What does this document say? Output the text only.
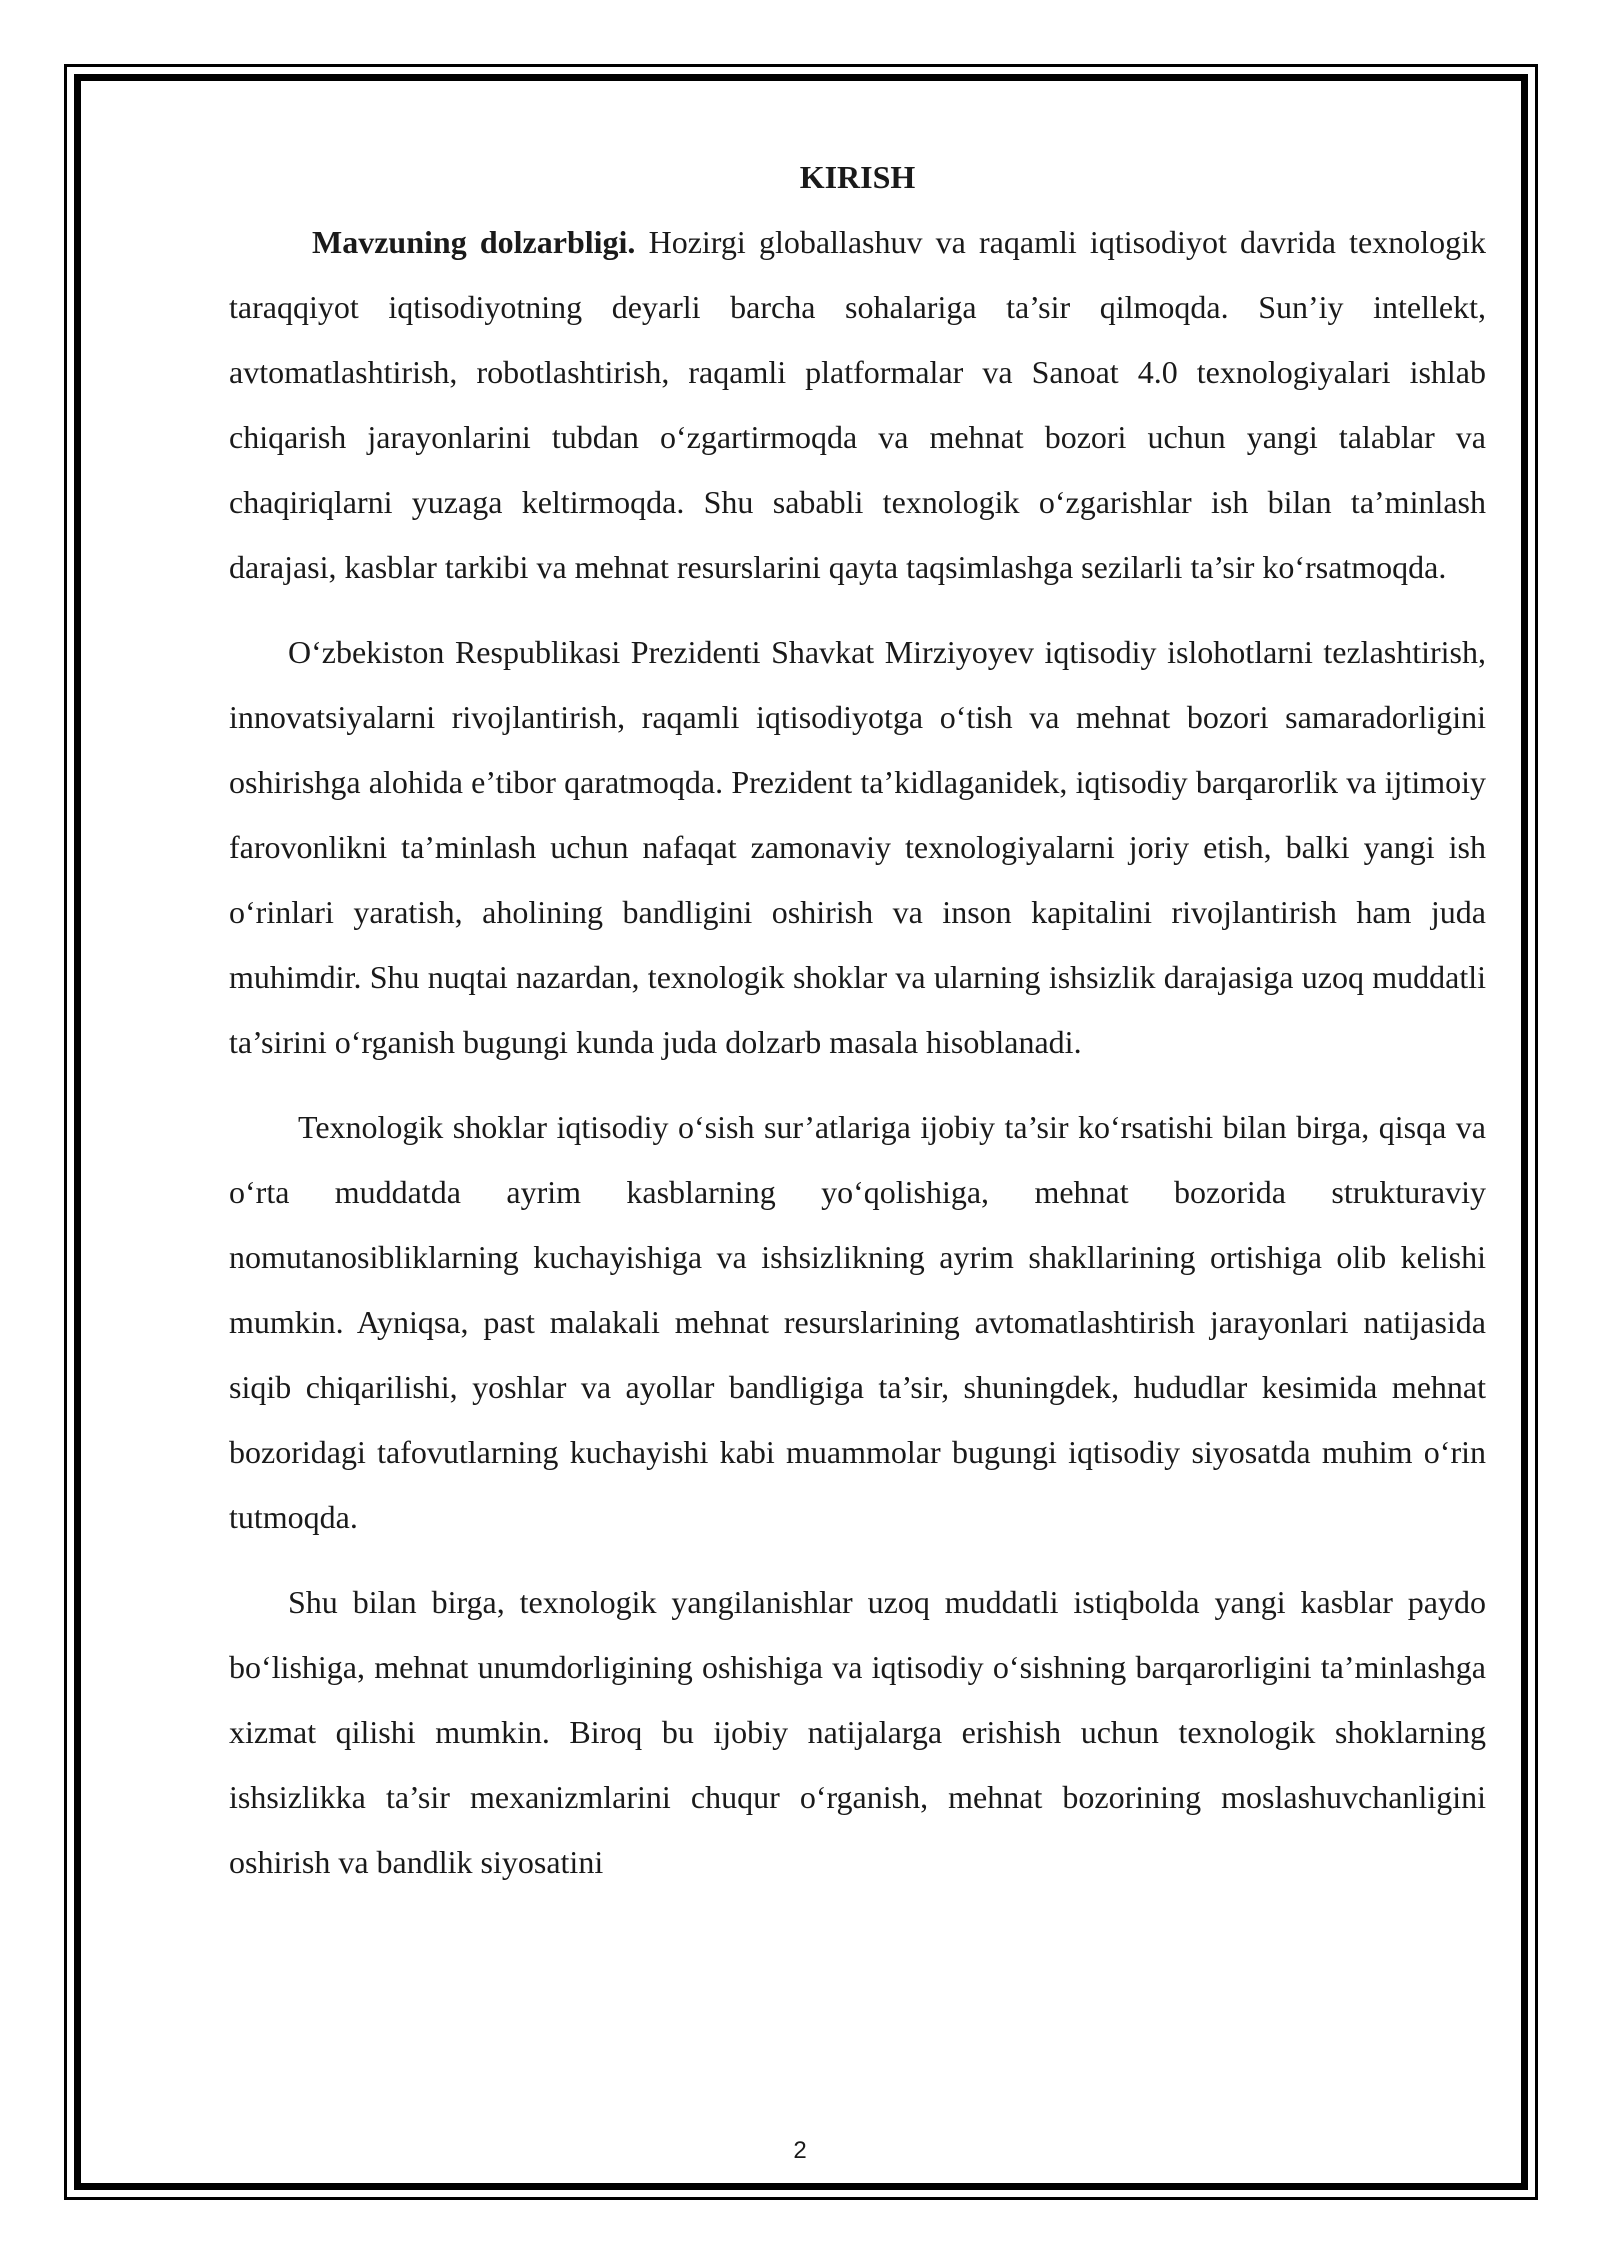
KIRISH

Mavzuning dolzarbligi. Hozirgi globallashuv va raqamli iqtisodiyot davrida texnologik taraqqiyot iqtisodiyotning deyarli barcha sohalariga ta’sir qilmoqda. Sun’iy intellekt, avtomatlashtirish, robotlashtirish, raqamli platformalar va Sanoat 4.0 texnologiyalari ishlab chiqarish jarayonlarini tubdan o‘zgartirmoqda va mehnat bozori uchun yangi talablar va chaqiriqlarni yuzaga keltirmoqda. Shu sababli texnologik o‘zgarishlar ish bilan ta’minlash darajasi, kasblar tarkibi va mehnat resurslarini qayta taqsimlashga sezilarli ta’sir ko‘rsatmoqda.

O‘zbekiston Respublikasi Prezidenti Shavkat Mirziyoyev iqtisodiy islohotlarni tezlashtirish, innovatsiyalarni rivojlantirish, raqamli iqtisodiyotga o‘tish va mehnat bozori samaradorligini oshirishga alohida e’tibor qaratmoqda. Prezident ta’kidlaganidek, iqtisodiy barqarorlik va ijtimoiy farovonlikni ta’minlash uchun nafaqat zamonaviy texnologiyalarni joriy etish, balki yangi ish o‘rinlari yaratish, aholining bandligini oshirish va inson kapitalini rivojlantirish ham juda muhimdir. Shu nuqtai nazardan, texnologik shoklar va ularning ishsizlik darajasiga uzoq muddatli ta’sirini o‘rganish bugungi kunda juda dolzarb masala hisoblanadi.

Texnologik shoklar iqtisodiy o‘sish sur’atlariga ijobiy ta’sir ko‘rsatishi bilan birga, qisqa va o‘rta muddatda ayrim kasblarning yo‘qolishiga, mehnat bozorida strukturaviy nomutanosibliklarning kuchayishiga va ishsizlikning ayrim shakllarining ortishiga olib kelishi mumkin. Ayniqsa, past malakali mehnat resurslarining avtomatlashtirish jarayonlari natijasida siqib chiqarilishi, yoshlar va ayollar bandligiga ta’sir, shuningdek, hududlar kesimida mehnat bozoridagi tafovutlarning kuchayishi kabi muammolar bugungi iqtisodiy siyosatda muhim o‘rin tutmoqda.

Shu bilan birga, texnologik yangilanishlar uzoq muddatli istiqbolda yangi kasblar paydo bo‘lishiga, mehnat unumdorligining oshishiga va iqtisodiy o‘sishning barqarorligini ta’minlashga xizmat qilishi mumkin. Biroq bu ijobiy natijalarga erishish uchun texnologik shoklarning ishsizlikka ta’sir mexanizmlarini chuqur o‘rganish, mehnat bozorining moslashuvchanligini oshirish va bandlik siyosatini

2
